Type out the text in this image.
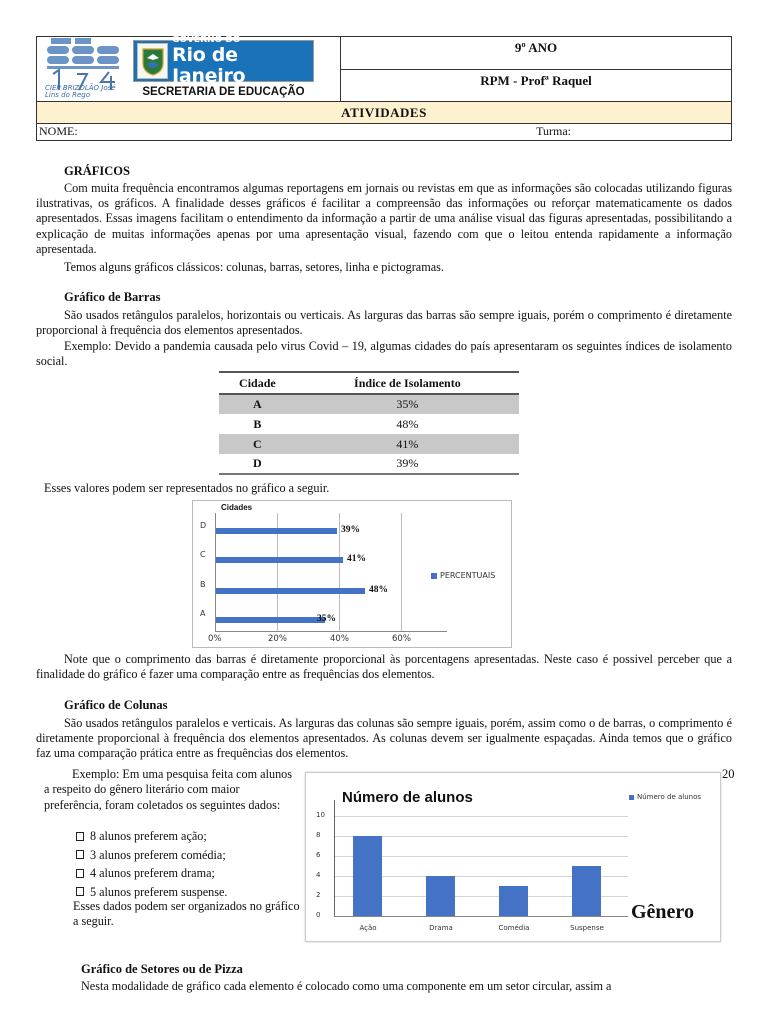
CIEP BRIZOLÃO José Lins do Rego
GOVERNO DO
Rio de Janeiro
SECRETARIA DE EDUCAÇÃO
9º ANO
RPM - Profª Raquel
ATIVIDADES
NOME:	Turma:
GRÁFICOS
Com muita frequência encontramos algumas reportagens em jornais ou revistas em que as informações são colocadas utilizando figuras ilustrativas, os gráficos. A finalidade desses gráficos é facilitar a compreensão das informações ou reforçar matematicamente os dados apresentados. Essas imagens facilitam o entendimento da informação a partir de uma análise visual das figuras apresentadas, possibilitando a explicação de muitas informações apenas por uma apresentação visual, fazendo com que o leitou entenda rapidamente a informação apresentada.
Temos alguns gráficos clássicos: colunas, barras, setores, linha e pictogramas.
Gráfico de Barras
São usados retângulos paralelos, horizontais ou verticais. As larguras das barras são sempre iguais, porém o comprimento é diretamente proporcional à frequência dos elementos apresentados.
Exemplo: Devido a pandemia causada pelo virus Covid – 19, algumas cidades do país apresentaram os seguintes índices de isolamento social.
Cidade	Índice de Isolamento
A	35%
B	48%
C	41%
D	39%
Esses valores podem ser representados no gráfico a seguir.
Cidades
39%
41%
48%
35%
D
C
B
A
0%	20%	40%	60%
PERCENTUAIS
Note que o comprimento das barras é diretamente proporcional às porcentagens apresentadas. Neste caso é possivel perceber que a finalidade do gráfico é fazer uma comparação entre as frequências dos elementos.
Gráfico de Colunas
São usados retângulos paralelos e verticais. As larguras das colunas são sempre iguais, porém, assim como o de barras, o comprimento é diretamente proporcional à frequência dos elementos apresentados. As colunas devem ser igualmente espaçadas. Ainda temos que o gráfico faz uma comparação prática entre as frequências dos elementos.
Exemplo: Em uma pesquisa feita com alunos a respeito do gênero literário com maior preferência, foram coletados os seguintes dados:
8 alunos preferem ação;
3 alunos preferem comédia;
4 alunos preferem drama;
5 alunos preferem suspense.
Esses dados podem ser organizados no gráfico a seguir.
20
Número de alunos
10
8
6
4
2
0
Ação	Drama	Comédia	Suspense
Número de alunos
Gênero
Gráfico de Setores ou de Pizza
Nesta modalidade de gráfico cada elemento é colocado como uma componente em um setor circular, assim a
